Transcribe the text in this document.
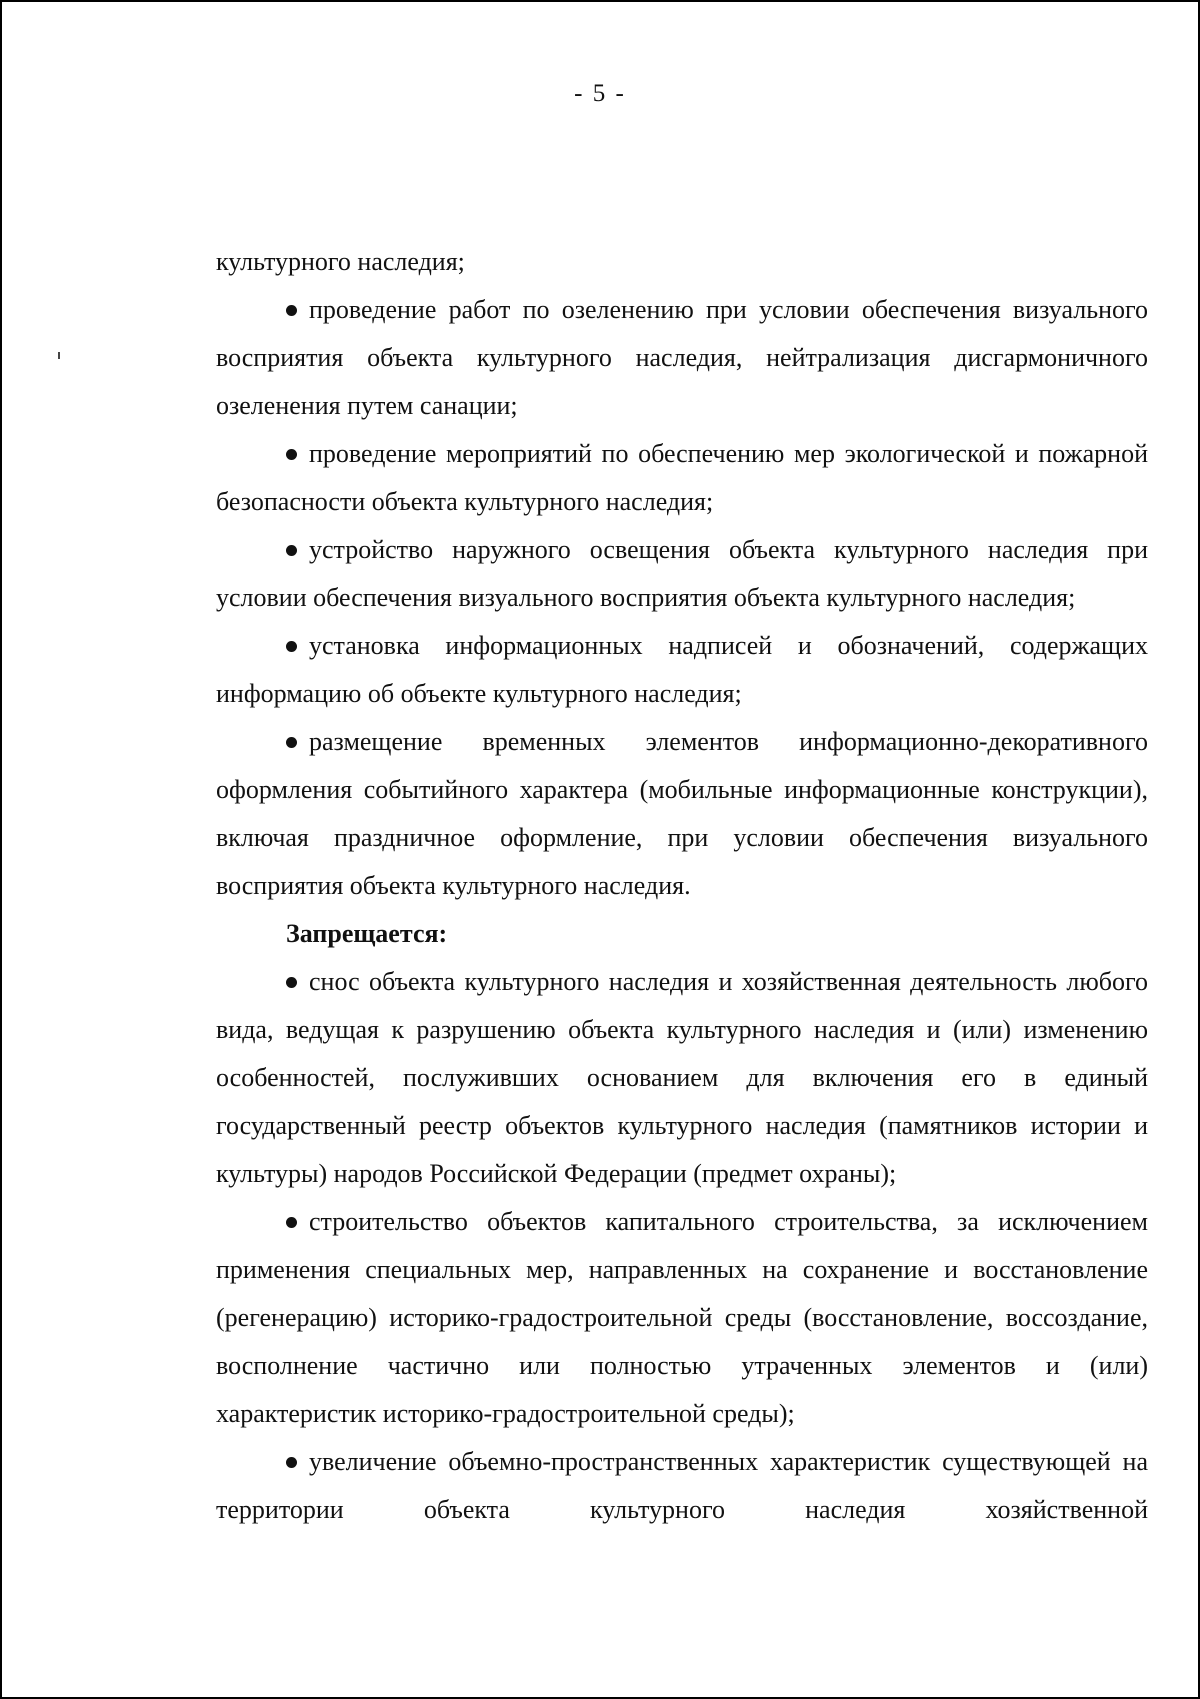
- 5 -

культурного наследия;

проведение работ по озеленению при условии обеспечения визуального восприятия объекта культурного наследия, нейтрализация дисгармоничного озеленения путем санации;

проведение мероприятий по обеспечению мер экологической и пожарной безопасности объекта культурного наследия;

устройство наружного освещения объекта культурного наследия при условии обеспечения визуального восприятия объекта культурного наследия;

установка информационных надписей и обозначений, содержащих информацию об объекте культурного наследия;

размещение временных элементов информационно-декоративного оформления событийного характера (мобильные информационные конструкции), включая праздничное оформление, при условии обеспечения визуального восприятия объекта культурного наследия.

Запрещается:

снос объекта культурного наследия и хозяйственная деятельность любого вида, ведущая к разрушению объекта культурного наследия и (или) изменению особенностей, послуживших основанием для включения его в единый государственный реестр объектов культурного наследия (памятников истории и культуры) народов Российской Федерации (предмет охраны);

строительство объектов капитального строительства, за исключением применения специальных мер, направленных на сохранение и восстановление (регенерацию) историко-градостроительной среды (восстановление, воссоздание, восполнение частично или полностью утраченных элементов и (или) характеристик историко-градостроительной среды);

увеличение объемно-пространственных характеристик существующей на территории объекта культурного наследия хозяйственной
